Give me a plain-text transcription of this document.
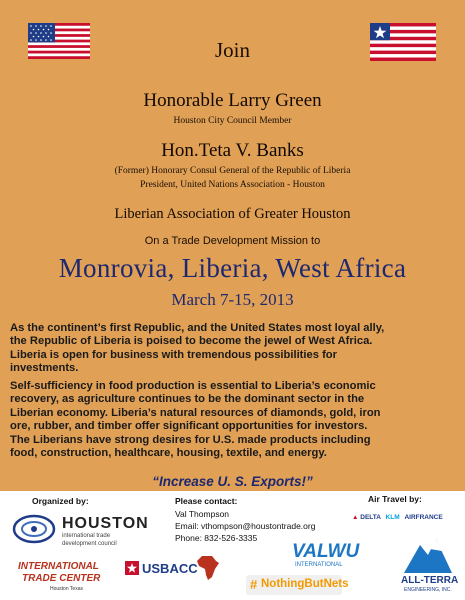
Join
Honorable Larry Green
Houston City Council Member
Hon.Teta V. Banks
(Former) Honorary Consul General of the Republic of Liberia
President, United Nations Association - Houston
Liberian Association of Greater Houston
On a Trade Development Mission to
Monrovia, Liberia, West Africa
March 7-15, 2013
As the continent’s first Republic, and the United States most loyal ally,
the Republic of Liberia is poised to become the jewel of West Africa.
Liberia is open for business with tremendous possibilities for
investments.
Self-sufficiency in food production is essential to Liberia’s economic
recovery, as agriculture continues to be the dominant sector in the
Liberian economy. Liberia’s natural resources of diamonds, gold, iron
ore, rubber, and timber offer significant opportunities for investors.
The Liberians have strong desires for U.S. made products including
food, construction, healthcare, housing, textile, and energy.
“Increase U. S. Exports!”
Organized by:	Please contact:
Val Thompson
Email: vthompson@houstontrade.org
Phone: 832-526-3335
Air Travel by:
▲ DELTA KLM AIRFRANCE
HOUSTON
international trade
development council
INTERNATIONAL
TRADE CENTER
Houston Texas
USBACC
# NothingButNets
VALWU
INTERNATIONAL
ALL-TERRA
ENGINEERING, INC.
